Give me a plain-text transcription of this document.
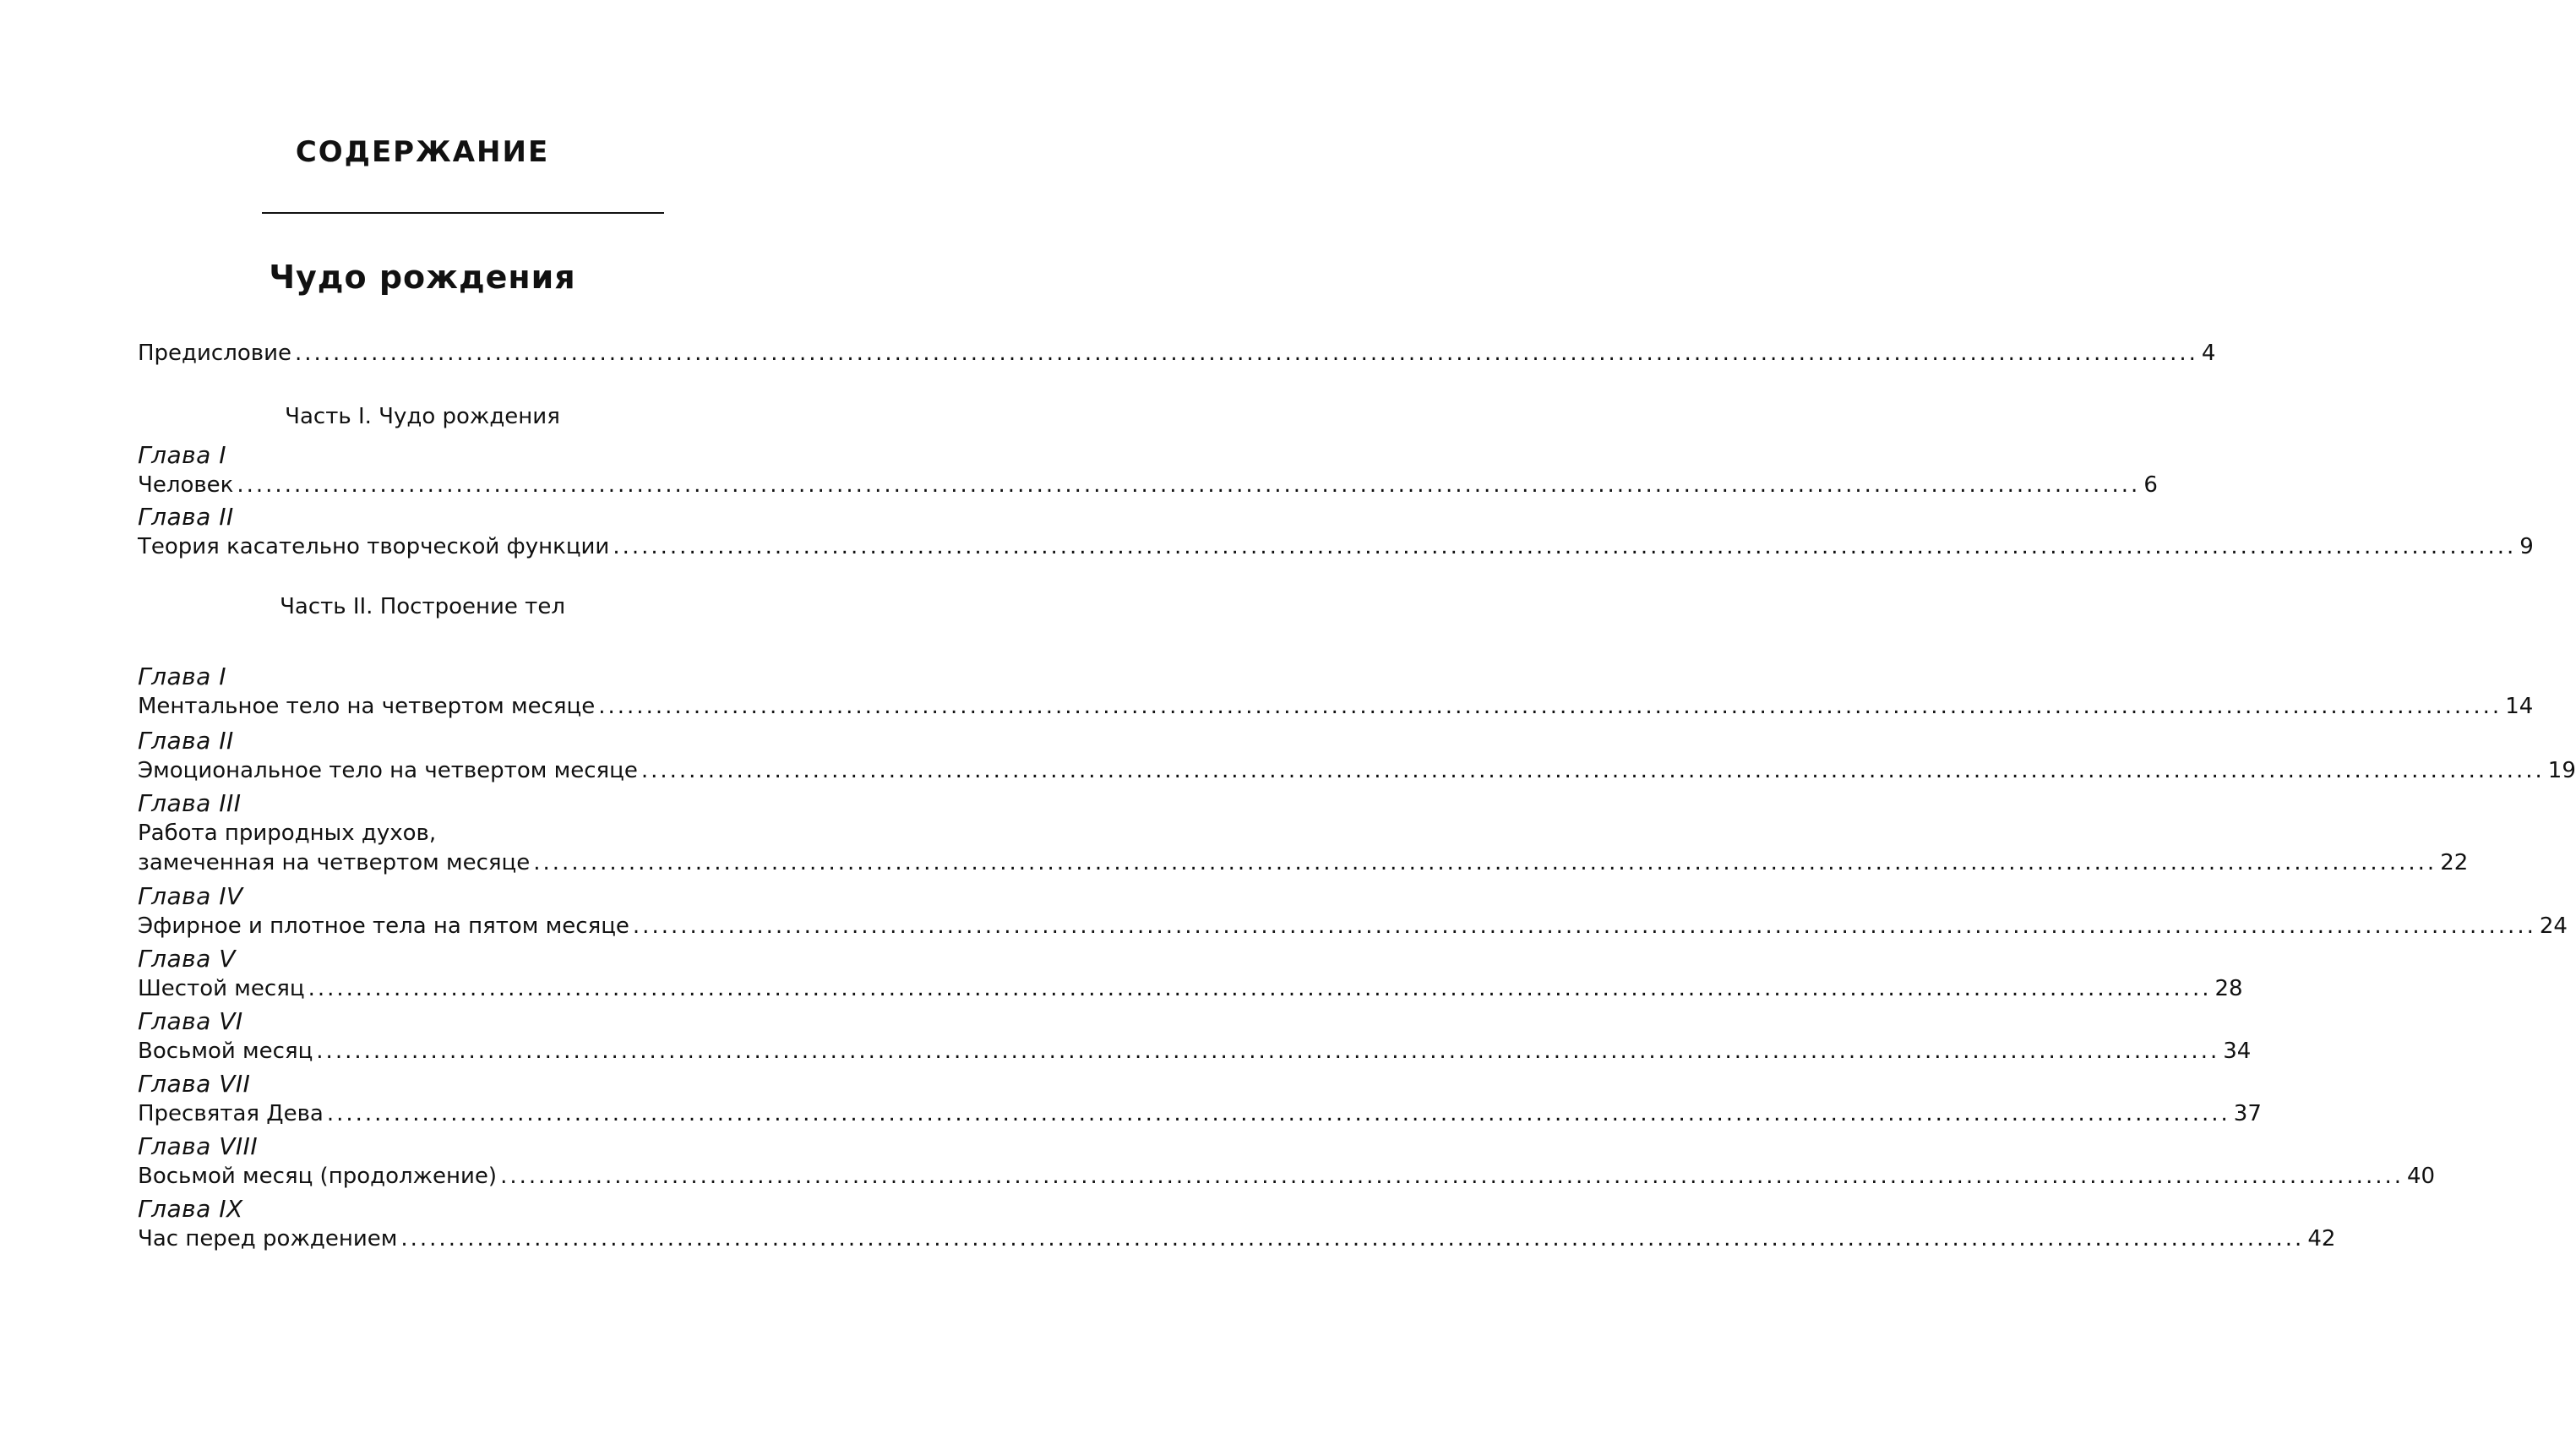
СОДЕРЖАНИЕ
Чудо рождения
Предисловие ........................................................................................................................................................................................................ 4
Часть I. Чудо рождения
Глава I
Человек ........................................................................................................................................................................................................ 6
Глава II
Теория касательно творческой функции ........................................................................................................................................................................................................ 9
Часть II. Построение тел
Глава I
Ментальное тело на четвертом месяце ........................................................................................................................................................................................................ 14
Глава II
Эмоциональное тело на четвертом месяце ........................................................................................................................................................................................................ 19
Глава III
Работа природных духов,
замеченная на четвертом месяце ........................................................................................................................................................................................................ 22
Глава IV
Эфирное и плотное тела на пятом месяце ........................................................................................................................................................................................................ 24
Глава V
Шестой месяц ........................................................................................................................................................................................................ 28
Глава VI
Восьмой месяц ........................................................................................................................................................................................................ 34
Глава VII
Пресвятая Дева ........................................................................................................................................................................................................ 37
Глава VIII
Восьмой месяц (продолжение) ........................................................................................................................................................................................................ 40
Глава IX
Час перед рождением ........................................................................................................................................................................................................ 42
